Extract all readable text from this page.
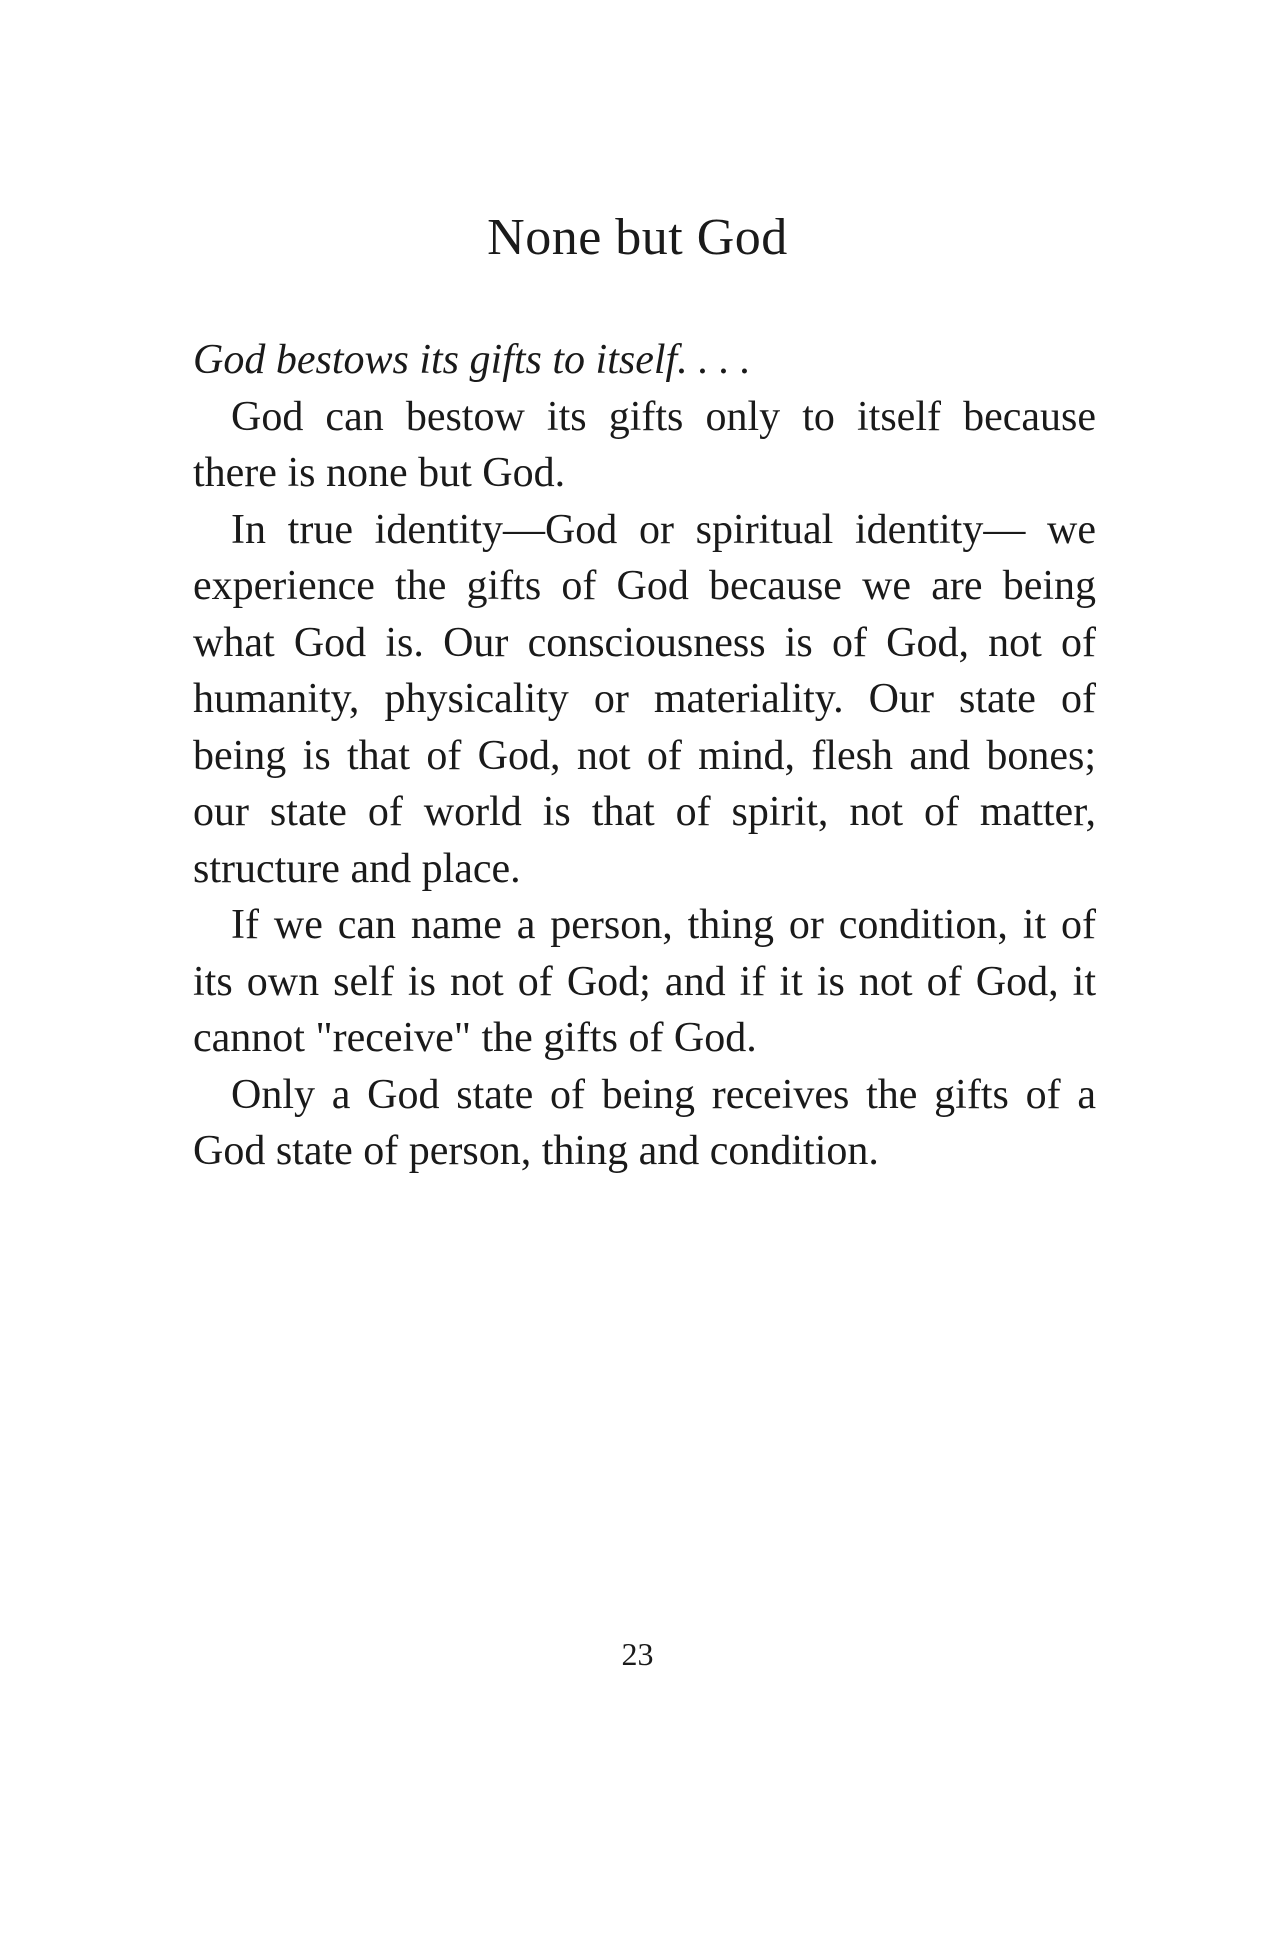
None but God

God bestows its gifts to itself. . . .

God can bestow its gifts only to itself because there is none but God.

In true identity—God or spiritual identity— we experience the gifts of God because we are being what God is. Our consciousness is of God, not of humanity, physicality or materiality. Our state of being is that of God, not of mind, flesh and bones; our state of world is that of spirit, not of matter, structure and place.

If we can name a person, thing or condition, it of its own self is not of God; and if it is not of God, it cannot "receive" the gifts of God.

Only a God state of being receives the gifts of a God state of person, thing and condition.

23
